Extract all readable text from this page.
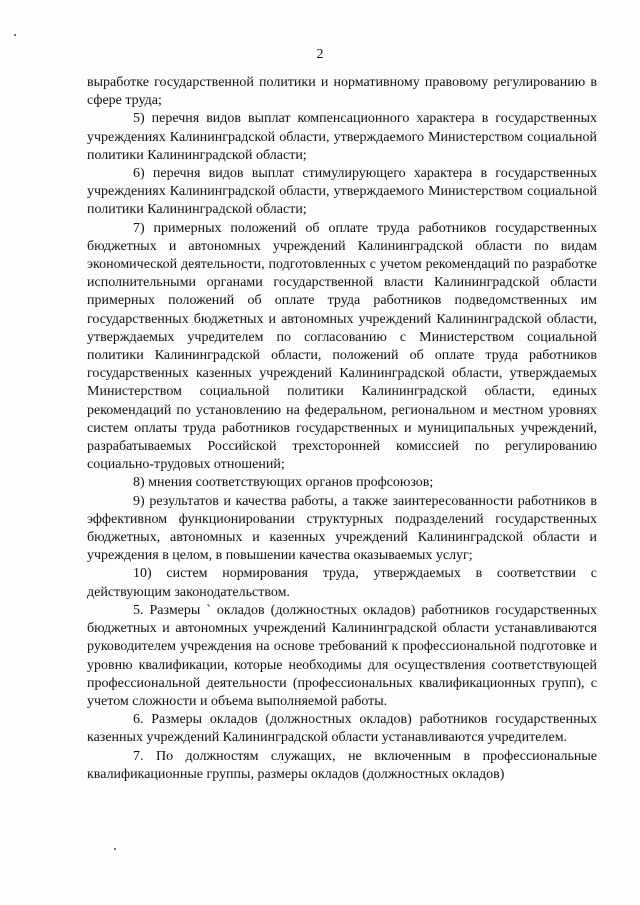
2

выработке государственной политики и нормативному правовому регулированию в сфере труда;

5) перечня видов выплат компенсационного характера в государственных учреждениях Калининградской области, утверждаемого Министерством социальной политики Калининградской области;

6) перечня видов выплат стимулирующего характера в государственных учреждениях Калининградской области, утверждаемого Министерством социальной политики Калининградской области;

7) примерных положений об оплате труда работников государственных бюджетных и автономных учреждений Калининградской области по видам экономической деятельности, подготовленных с учетом рекомендаций по разработке исполнительными органами государственной власти Калининградской области примерных положений об оплате труда работников подведомственных им государственных бюджетных и автономных учреждений Калининградской области, утверждаемых учредителем по согласованию с Министерством социальной политики Калининградской области, положений об оплате труда работников государственных казенных учреждений Калининградской области, утверждаемых Министерством социальной политики Калининградской области, единых рекомендаций по установлению на федеральном, региональном и местном уровнях систем оплаты труда работников государственных и муниципальных учреждений, разрабатываемых Российской трехсторонней комиссией по регулированию социально-трудовых отношений;

8) мнения соответствующих органов профсоюзов;

9) результатов и качества работы, а также заинтересованности работников в эффективном функционировании структурных подразделений государственных бюджетных, автономных и казенных учреждений Калининградской области и учреждения в целом, в повышении качества оказываемых услуг;

10) систем нормирования труда, утверждаемых в соответствии с действующим законодательством.

5. Размеры ` окладов (должностных окладов) работников государственных бюджетных и автономных учреждений Калининградской области устанавливаются руководителем учреждения на основе требований к профессиональной подготовке и уровню квалификации, которые необходимы для осуществления соответствующей профессиональной деятельности (профессиональных квалификационных групп), с учетом сложности и объема выполняемой работы.

6. Размеры окладов (должностных окладов) работников государственных казенных учреждений Калининградской области устанавливаются учредителем.

7. По должностям служащих, не включенным в профессиональные квалификационные группы, размеры окладов (должностных окладов)
